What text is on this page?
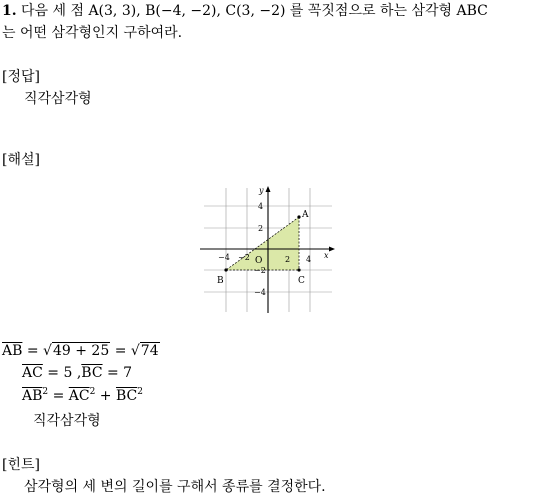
1. 다음 세 점 A(3, 3), B(−4, −2), C(3, −2) 를 꼭짓점으로 하는 삼각형 ABC
는 어떤 삼각형인지 구하여라.
[정답]
직각삼각형
[해설]
x
y
O
−4 −2	2 4
4
2
−2
−4
A
B	C
$\overline{AB} = √49 + 25 = √74$
$\overline{AC} = 5$ $,\overline{BC} = 7$
$\overline{AB}^2 = \overline{AC}^2 + \overline{BC}^2$
직각삼각형
[힌트]
삼각형의 세 변의 길이를 구해서 종류를 결정한다.
